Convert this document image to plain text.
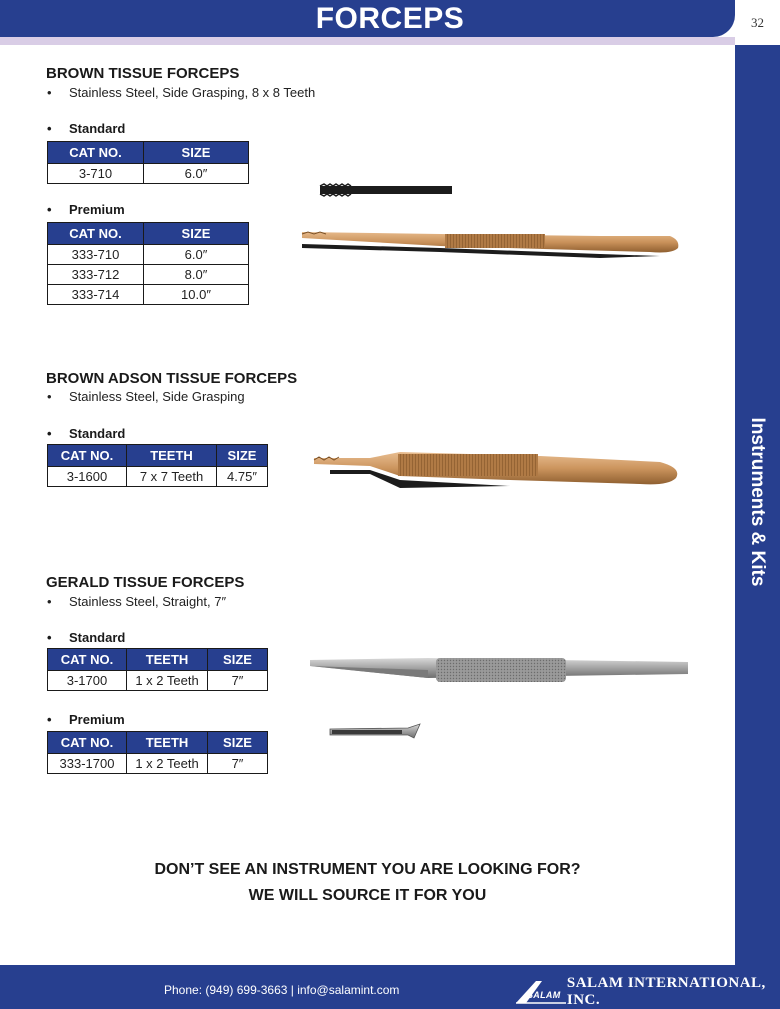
FORCEPS	32
Instruments & Kits
BROWN TISSUE FORCEPS
• Stainless Steel, Side Grasping, 8 x 8 Teeth
• Standard
CAT NO.	SIZE
3-710	6.0″
• Premium
CAT NO.	SIZE
333-710	6.0″
333-712	8.0″
333-714	10.0″
BROWN ADSON TISSUE FORCEPS
• Stainless Steel, Side Grasping
• Standard
CAT NO.	TEETH	SIZE
3-1600	7 x 7 Teeth	4.75″
GERALD TISSUE FORCEPS
• Stainless Steel, Straight, 7″
• Standard
CAT NO.	TEETH	SIZE
3-1700	1 x 2 Teeth	7″
• Premium
CAT NO.	TEETH	SIZE
333-1700	1 x 2 Teeth	7″
DON’T SEE AN INSTRUMENT YOU ARE LOOKING FOR?
WE WILL SOURCE IT FOR YOU
Phone: (949) 699-3663 | info@salamint.com	SALAM
SALAM INTERNATIONAL, INC.
